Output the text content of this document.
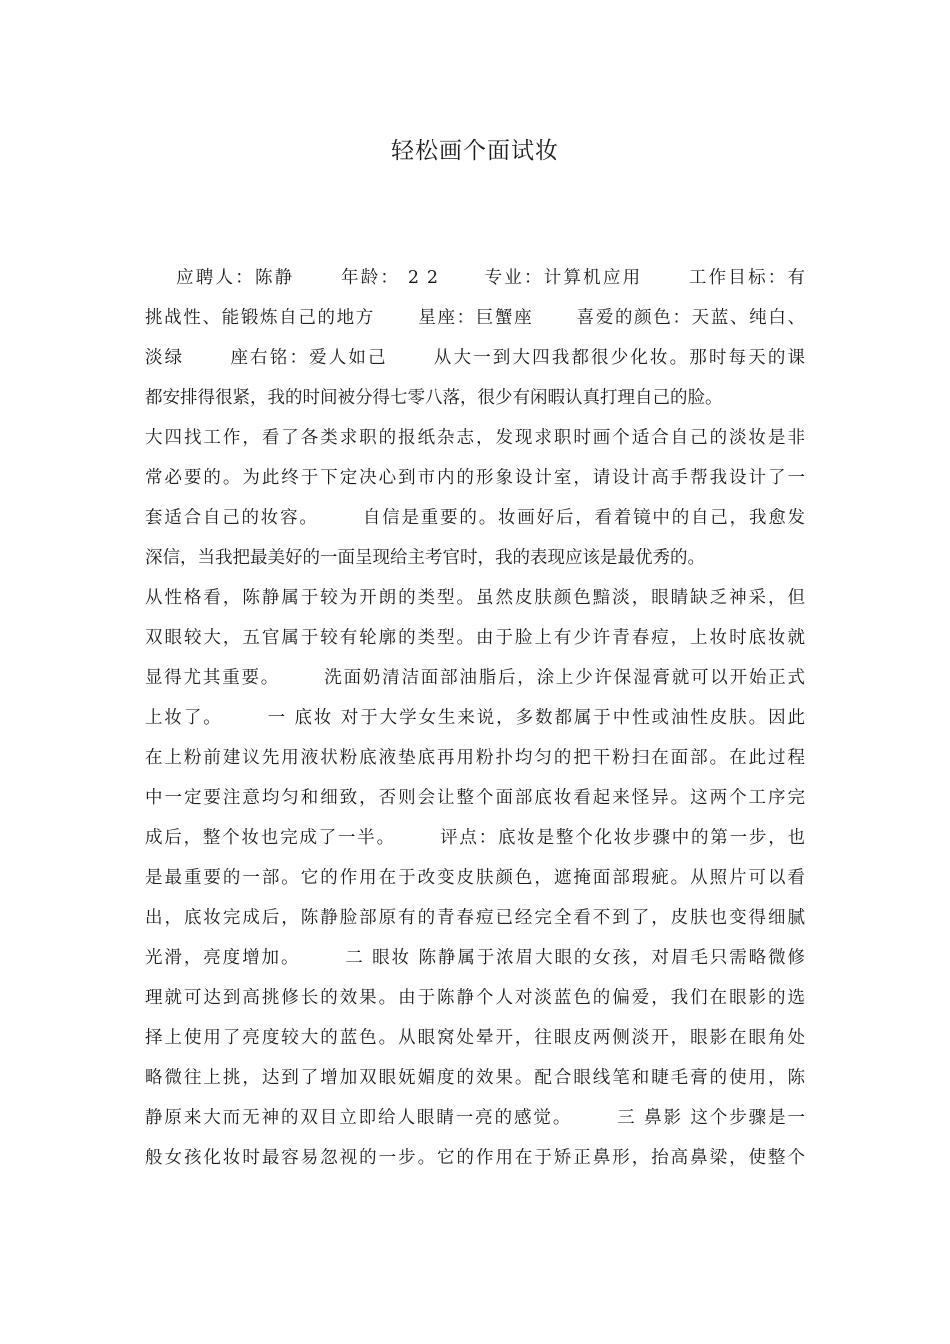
轻松画个面试妆
应聘人：陈静      年龄： 2 2      专业：计算机应用      工作目标：有
挑战性、能锻炼自己的地方      星座：巨蟹座      喜爱的颜色：天蓝、纯白、
淡绿      座右铭：爱人如己      从大一到大四我都很少化妆。那时每天的课
都安排得很紧，我的时间被分得七零八落，很少有闲暇认真打理自己的脸。
大四找工作，看了各类求职的报纸杂志，发现求职时画个适合自己的淡妆是非
常必要的。为此终于下定决心到市内的形象设计室，请设计高手帮我设计了一
套适合自己的妆容。      自信是重要的。妆画好后，看着镜中的自己，我愈发
深信，当我把最美好的一面呈现给主考官时，我的表现应该是最优秀的。
从性格看，陈静属于较为开朗的类型。虽然皮肤颜色黯淡，眼睛缺乏神采，但
双眼较大，五官属于较有轮廓的类型。由于脸上有少许青春痘，上妆时底妆就
显得尤其重要。      洗面奶清洁面部油脂后，涂上少许保湿膏就可以开始正式
上妆了。      一 底妆 对于大学女生来说，多数都属于中性或油性皮肤。因此
在上粉前建议先用液状粉底液垫底再用粉扑均匀的把干粉扫在面部。在此过程
中一定要注意均匀和细致，否则会让整个面部底妆看起来怪异。这两个工序完
成后，整个妆也完成了一半。      评点：底妆是整个化妆步骤中的第一步，也
是最重要的一部。它的作用在于改变皮肤颜色，遮掩面部瑕疵。从照片可以看
出，底妆完成后，陈静脸部原有的青春痘已经完全看不到了，皮肤也变得细腻
光滑，亮度增加。      二 眼妆 陈静属于浓眉大眼的女孩，对眉毛只需略微修
理就可达到高挑修长的效果。由于陈静个人对淡蓝色的偏爱，我们在眼影的选
择上使用了亮度较大的蓝色。从眼窝处晕开，往眼皮两侧淡开，眼影在眼角处
略微往上挑，达到了增加双眼妩媚度的效果。配合眼线笔和睫毛膏的使用，陈
静原来大而无神的双目立即给人眼睛一亮的感觉。      三 鼻影 这个步骤是一
般女孩化妆时最容易忽视的一步。它的作用在于矫正鼻形，抬高鼻梁，使整个
